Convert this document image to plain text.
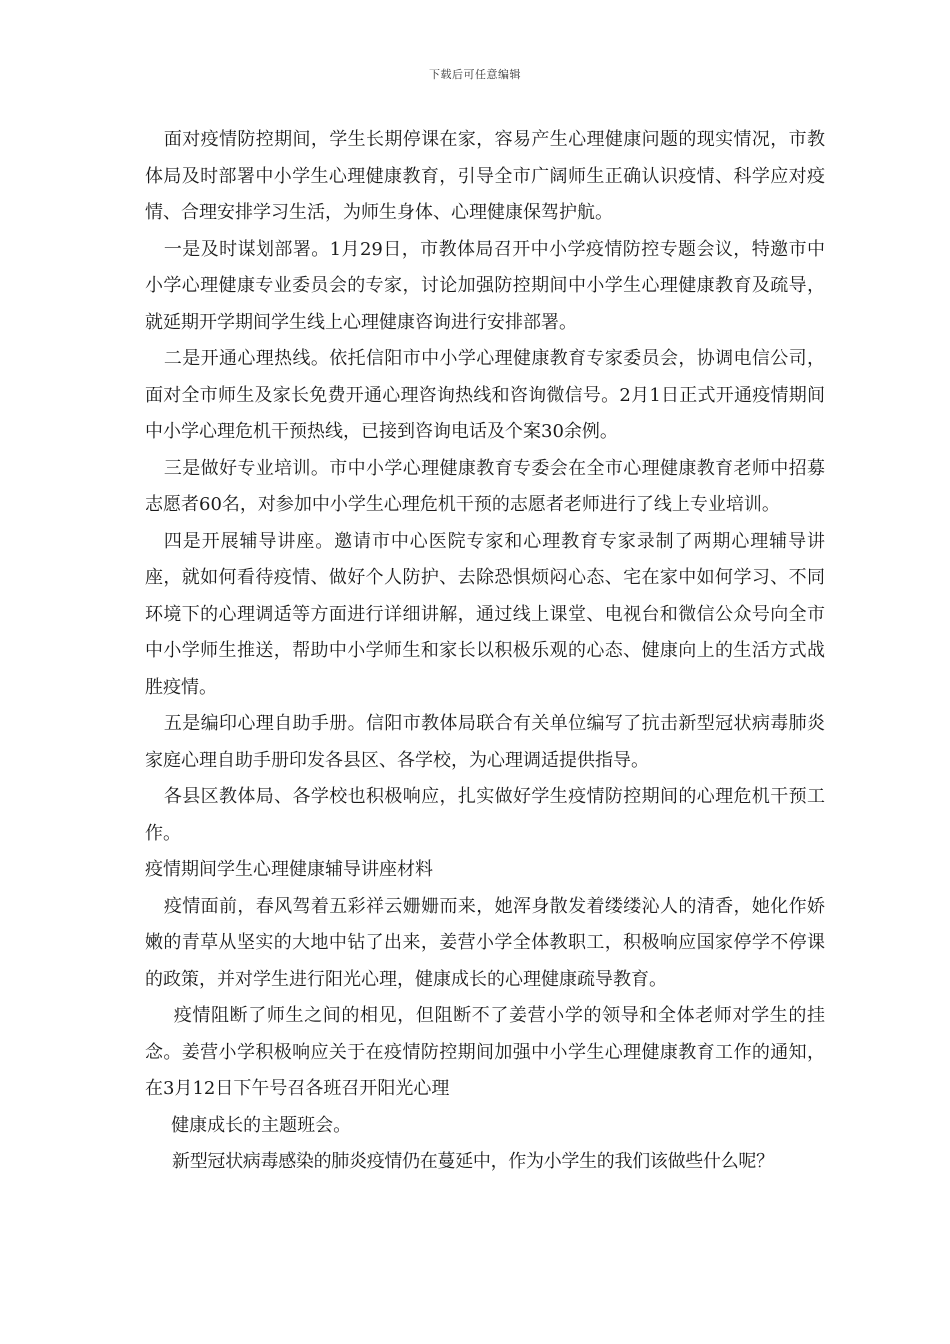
下载后可任意编辑

面对疫情防控期间，学生长期停课在家，容易产生心理健康问题的现实情况，市教体局及时部署中小学生心理健康教育，引导全市广阔师生正确认识疫情、科学应对疫情、合理安排学习生活，为师生身体、心理健康保驾护航。

一是及时谋划部署。1月29日，市教体局召开中小学疫情防控专题会议，特邀市中小学心理健康专业委员会的专家，讨论加强防控期间中小学生心理健康教育及疏导，就延期开学期间学生线上心理健康咨询进行安排部署。

二是开通心理热线。依托信阳市中小学心理健康教育专家委员会，协调电信公司，面对全市师生及家长免费开通心理咨询热线和咨询微信号。2月1日正式开通疫情期间中小学心理危机干预热线，已接到咨询电话及个案30余例。

三是做好专业培训。市中小学心理健康教育专委会在全市心理健康教育老师中招募志愿者60名，对参加中小学生心理危机干预的志愿者老师进行了线上专业培训。

四是开展辅导讲座。邀请市中心医院专家和心理教育专家录制了两期心理辅导讲座，就如何看待疫情、做好个人防护、去除恐惧烦闷心态、宅在家中如何学习、不同环境下的心理调适等方面进行详细讲解，通过线上课堂、电视台和微信公众号向全市中小学师生推送，帮助中小学师生和家长以积极乐观的心态、健康向上的生活方式战胜疫情。

五是编印心理自助手册。信阳市教体局联合有关单位编写了抗击新型冠状病毒肺炎家庭心理自助手册印发各县区、各学校，为心理调适提供指导。

各县区教体局、各学校也积极响应，扎实做好学生疫情防控期间的心理危机干预工作。

疫情期间学生心理健康辅导讲座材料

疫情面前，春风驾着五彩祥云姗姗而来，她浑身散发着缕缕沁人的清香，她化作娇嫩的青草从坚实的大地中钻了出来，姜营小学全体教职工，积极响应国家停学不停课的政策，并对学生进行阳光心理，健康成长的心理健康疏导教育。

疫情阻断了师生之间的相见，但阻断不了姜营小学的领导和全体老师对学生的挂念。姜营小学积极响应关于在疫情防控期间加强中小学生心理健康教育工作的通知，在3月12日下午号召各班召开阳光心理

健康成长的主题班会。

新型冠状病毒感染的肺炎疫情仍在蔓延中，作为小学生的我们该做些什么呢？
